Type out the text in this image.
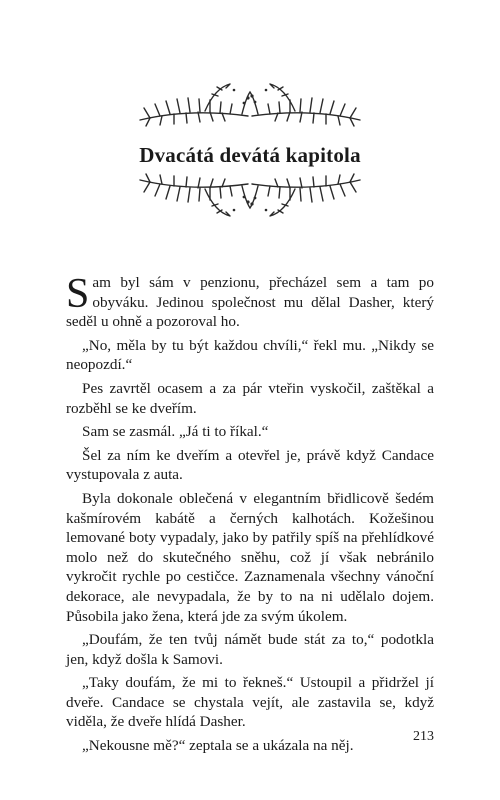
Dvacátá devátá kapitola

Sam byl sám v penzionu, přecházel sem a tam po obyváku. Jedinou společnost mu dělal Dasher, který seděl u ohně a pozoroval ho.

„No, měla by tu být každou chvíli,“ řekl mu. „Nikdy se neopozdí.“

Pes zavrtěl ocasem a za pár vteřin vyskočil, zaštěkal a rozběhl se ke dveřím.

Sam se zasmál. „Já ti to říkal.“

Šel za ním ke dveřím a otevřel je, právě když Candace vystupovala z auta.

Byla dokonale oblečená v elegantním břidlicově šedém kašmírovém kabátě a černých kalhotách. Kožešinou lemované boty vypadaly, jako by patřily spíš na přehlídkové molo než do skutečného sněhu, což jí však nebránilo vykročit rychle po cestičce. Zaznamenala všechny vánoční dekorace, ale nevypadala, že by to na ni udělalo dojem. Působila jako žena, která jde za svým úkolem.

„Doufám, že ten tvůj námět bude stát za to,“ podotkla jen, když došla k Samovi.

„Taky doufám, že mi to řekneš.“ Ustoupil a přidržel jí dveře. Candace se chystala vejít, ale zastavila se, když viděla, že dveře hlídá Dasher.

„Nekousne mě?“ zeptala se a ukázala na něj.

213
